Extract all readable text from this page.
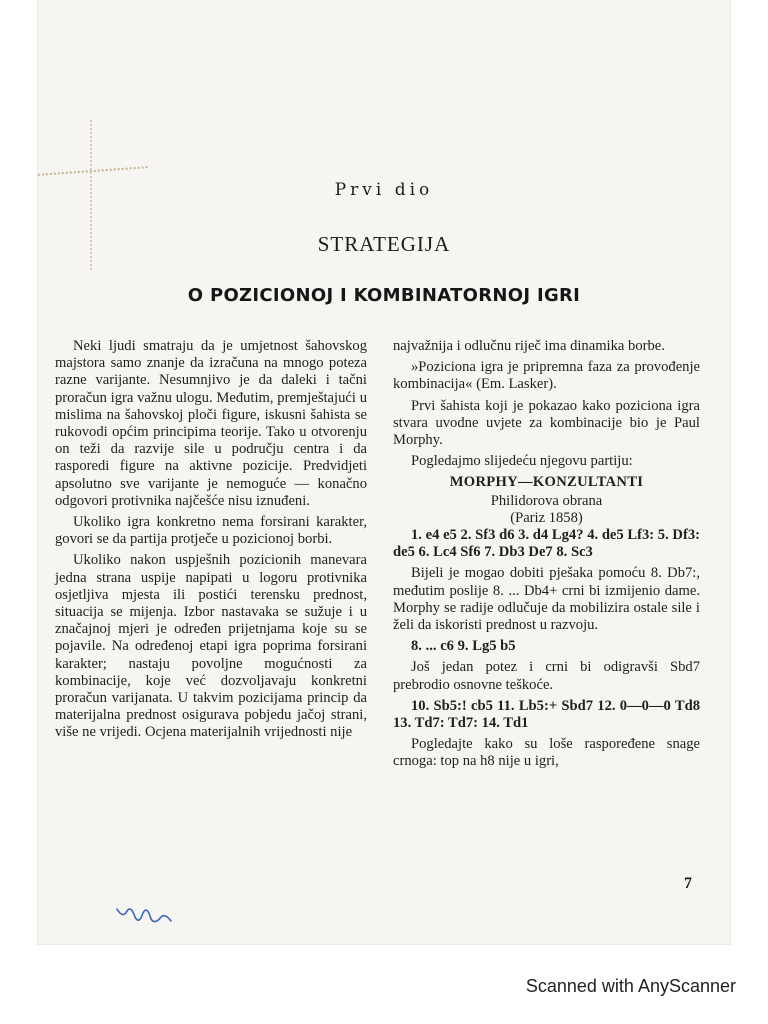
Prvi dio
STRATEGIJA
O POZICIONOJ I KOMBINATORNOJ IGRI

Neki ljudi smatraju da je umjetnost šahovskog majstora samo znanje da izračuna na mnogo poteza razne varijante. Nesumnjivo je da daleki i tačni proračun igra važnu ulogu. Međutim, premještajući u mislima na šahovskoj ploči figure, iskusni šahista se rukovodi općim principima teorije. Tako u otvorenju on teži da razvije sile u području centra i da rasporedi figure na aktivne pozicije. Predvidjeti apsolutno sve varijante je nemoguće — konačno odgovori protivnika najčešće nisu iznuđeni.

Ukoliko igra konkretno nema forsirani karakter, govori se da partija protječe u pozicionoj borbi.

Ukoliko nakon uspješnih pozicionih manevara jedna strana uspije napipati u logoru protivnika osjetljiva mjesta ili postići terensku prednost, situacija se mijenja. Izbor nastavaka se sužuje i u značajnoj mjeri je određen prijetnjama koje su se pojavile. Na određenoj etapi igra poprima forsirani karakter; nastaju povoljne mogućnosti za kombinacije, koje već dozvoljavaju konkretni proračun varijanata. U takvim pozicijama princip da materijalna prednost osigurava pobjedu jačoj strani, više ne vrijedi. Ocjena materijalnih vrijednosti nije

najvažnija i odlučnu riječ ima dinamika borbe.

»Poziciona igra je pripremna faza za provođenje kombinacija« (Em. Lasker).

Prvi šahista koji je pokazao kako poziciona igra stvara uvodne uvjete za kombinacije bio je Paul Morphy.

Pogledajmo slijedeću njegovu partiju:

MORPHY—KONZULTANTI
Philidorova obrana
(Pariz 1858)

1. e4 e5 2. Sf3 d6 3. d4 Lg4? 4. de5 Lf3: 5. Df3: de5 6. Lc4 Sf6 7. Db3 De7 8. Sc3

Bijeli je mogao dobiti pješaka pomoću 8. Db7:, međutim poslije 8. ... Db4+ crni bi izmijenio dame. Morphy se radije odlučuje da mobilizira ostale sile i želi da iskoristi prednost u razvoju.

8. ... c6 9. Lg5 b5

Još jedan potez i crni bi odigravši Sbd7 prebrodio osnovne teškoće.

10. Sb5:! cb5 11. Lb5:+ Sbd7 12. 0—0—0 Td8 13. Td7: Td7: 14. Td1

Pogledajte kako su loše raspoređene snage crnoga: top na h8 nije u igri,

7
Scanned with AnyScanner
